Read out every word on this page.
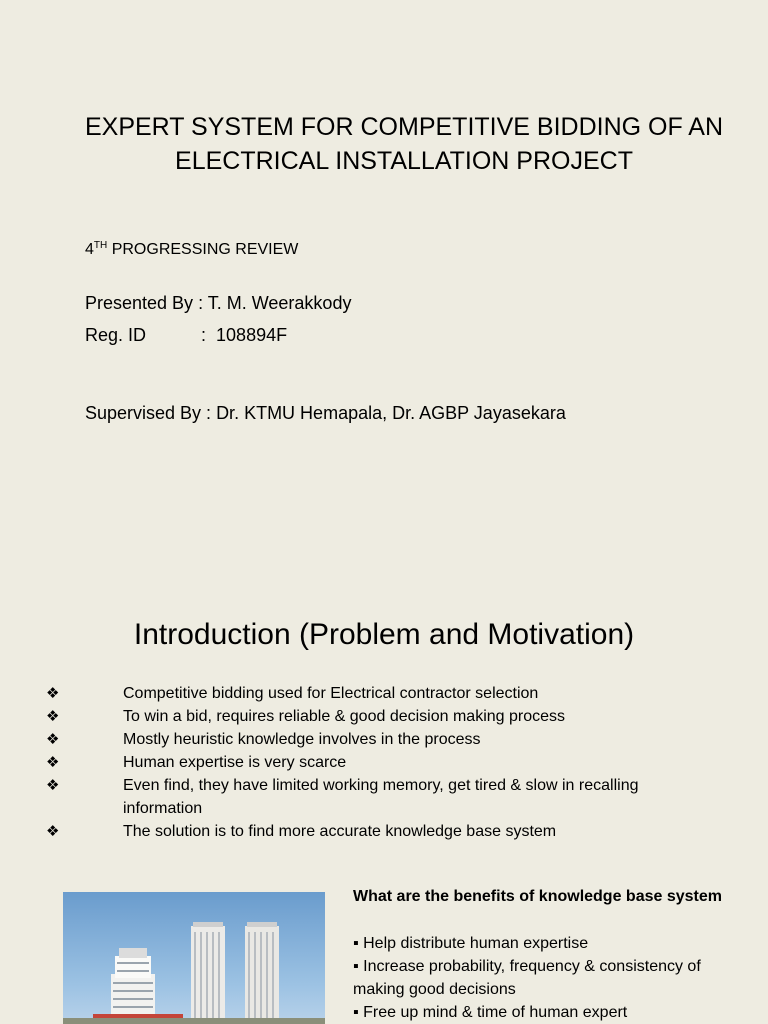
EXPERT SYSTEM FOR COMPETITIVE BIDDING OF AN ELECTRICAL INSTALLATION PROJECT
4TH PROGRESSING REVIEW
Presented By : T. M. Weerakkody
Reg. ID           :  108894F
Supervised By : Dr. KTMU Hemapala, Dr. AGBP Jayasekara
Introduction (Problem and Motivation)
❖	Competitive bidding used for Electrical contractor selection
❖	To win a bid, requires reliable & good decision making process
❖	Mostly heuristic knowledge involves in the process
❖	Human expertise is very scarce
❖	Even find, they have limited working memory, get tired & slow in recalling information
❖	The solution is to find more accurate knowledge base system
What are the benefits of knowledge base system
▪ Help distribute human expertise
▪ Increase probability, frequency & consistency of making good decisions
▪ Free up mind & time of human expert
